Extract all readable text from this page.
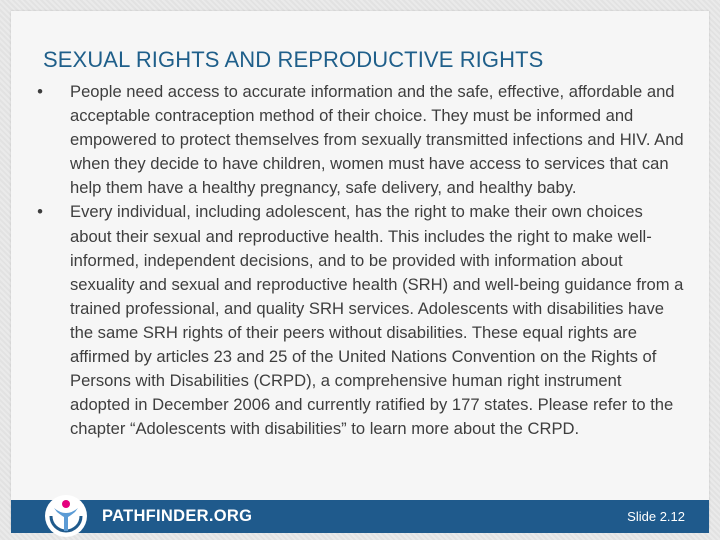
SEXUAL RIGHTS AND REPRODUCTIVE RIGHTS
•	People need access to accurate information and the safe, effective, affordable and acceptable contraception method of their choice. They must be informed and empowered to protect themselves from sexually transmitted infections and HIV. And when they decide to have children, women must have access to services that can help them have a healthy pregnancy, safe delivery, and healthy baby.
•	Every individual, including adolescent, has the right to make their own choices about their sexual and reproductive health. This includes the right to make well-informed, independent decisions, and to be provided with information about sexuality and sexual and reproductive health (SRH) and well-being guidance from a trained professional, and quality SRH services. Adolescents with disabilities have the same SRH rights of their peers without disabilities. These equal rights are affirmed by articles 23 and 25 of the United Nations Convention on the Rights of Persons with Disabilities (CRPD), a comprehensive human right instrument adopted in December 2006 and currently ratified by 177 states. Please refer to the chapter “Adolescents with disabilities” to learn more about the CRPD.
PATHFINDER.ORG	Slide 2.12
